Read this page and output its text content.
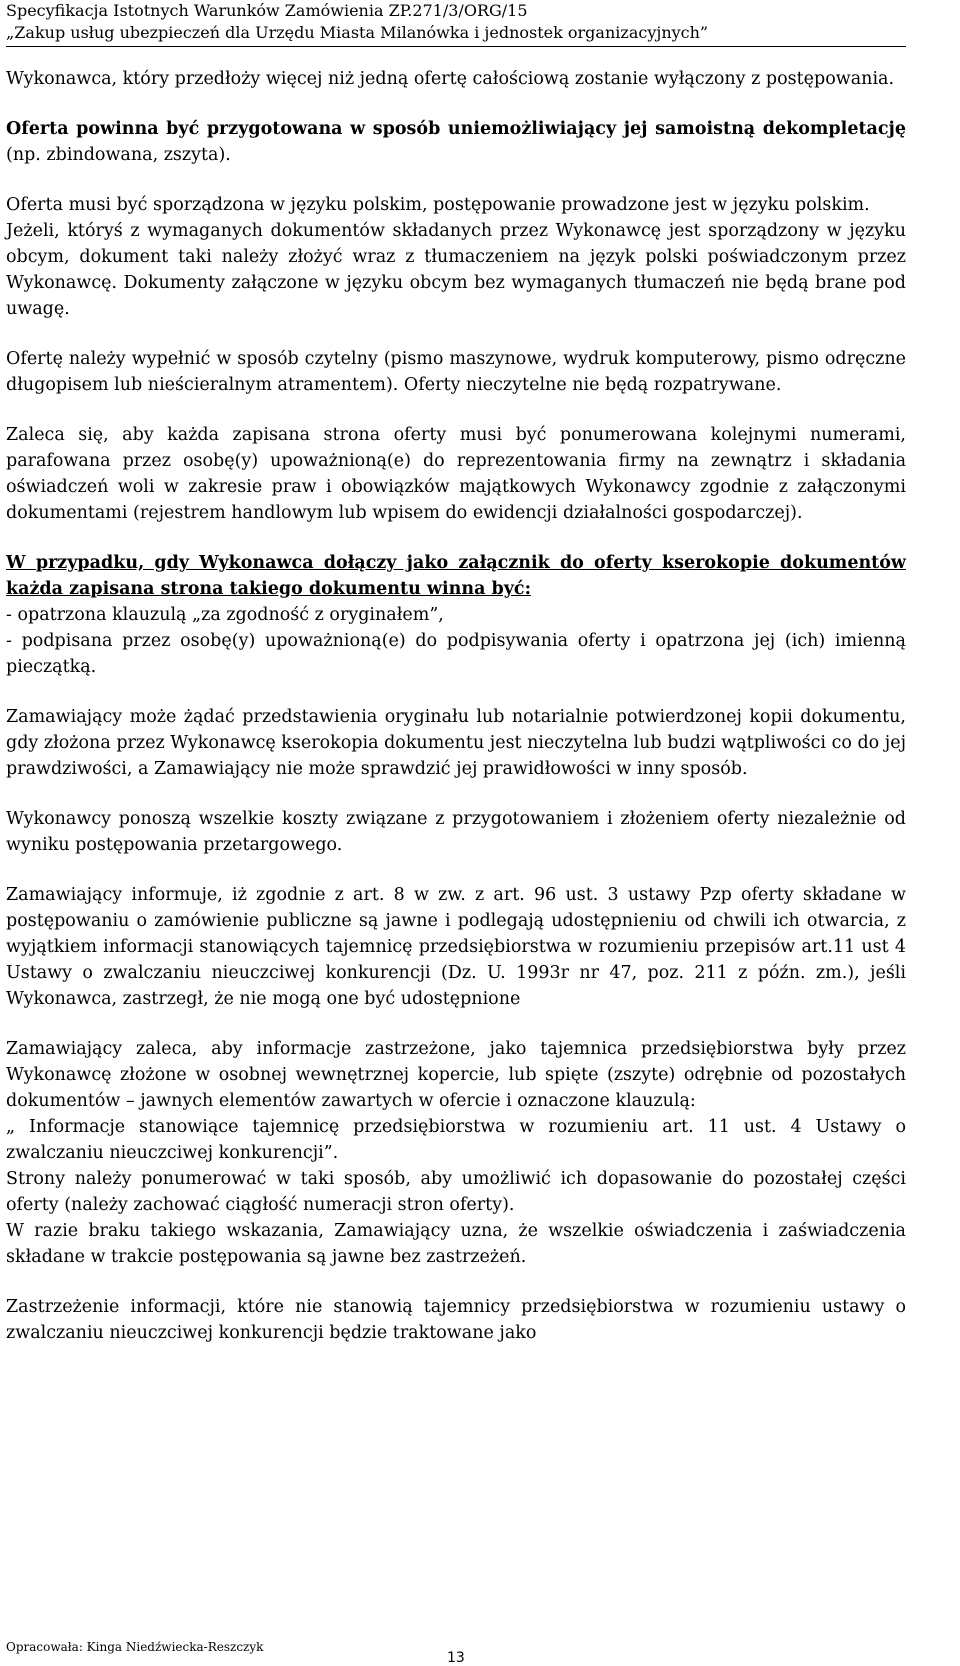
Specyfikacja Istotnych Warunków Zamówienia ZP.271/3/ORG/15
„Zakup usług ubezpieczeń dla Urzędu Miasta Milanówka i jednostek organizacyjnych”

Wykonawca, który przedłoży więcej niż jedną ofertę całościową zostanie wyłączony z postępowania.

Oferta powinna być przygotowana w sposób uniemożliwiający jej samoistną dekompletację (np. zbindowana, zszyta).

Oferta musi być sporządzona w języku polskim, postępowanie prowadzone jest w języku polskim.

Jeżeli, któryś z wymaganych dokumentów składanych przez Wykonawcę jest sporządzony w języku obcym, dokument taki należy złożyć wraz z tłumaczeniem na język polski poświadczonym przez Wykonawcę. Dokumenty załączone w języku obcym bez wymaganych tłumaczeń nie będą brane pod uwagę.

Ofertę należy wypełnić w sposób czytelny (pismo maszynowe, wydruk komputerowy, pismo odręczne długopisem lub nieścieralnym atramentem). Oferty nieczytelne nie będą rozpatrywane.

Zaleca się, aby każda zapisana strona oferty musi być ponumerowana kolejnymi numerami, parafowana przez osobę(y) upoważnioną(e) do reprezentowania firmy na zewnątrz i składania oświadczeń woli w zakresie praw i obowiązków majątkowych Wykonawcy zgodnie z załączonymi dokumentami (rejestrem handlowym lub wpisem do ewidencji działalności gospodarczej).

W przypadku, gdy Wykonawca dołączy jako załącznik do oferty kserokopie dokumentów każda zapisana strona takiego dokumentu winna być:

- opatrzona klauzulą „za zgodność z oryginałem”,

- podpisana przez osobę(y) upoważnioną(e) do podpisywania oferty i opatrzona jej (ich) imienną pieczątką.

Zamawiający może żądać przedstawienia oryginału lub notarialnie potwierdzonej kopii dokumentu, gdy złożona przez Wykonawcę kserokopia dokumentu jest nieczytelna lub budzi wątpliwości co do jej prawdziwości, a Zamawiający nie może sprawdzić jej prawidłowości w inny sposób.

Wykonawcy ponoszą wszelkie koszty związane z przygotowaniem i złożeniem oferty niezależnie od wyniku postępowania przetargowego.

Zamawiający informuje, iż zgodnie z art. 8 w zw. z art. 96 ust. 3 ustawy Pzp oferty składane w postępowaniu o zamówienie publiczne są jawne i podlegają udostępnieniu od chwili ich otwarcia, z wyjątkiem informacji stanowiących tajemnicę przedsiębiorstwa w rozumieniu przepisów art.11 ust 4 Ustawy o zwalczaniu nieuczciwej konkurencji (Dz. U. 1993r nr 47, poz. 211 z późn. zm.), jeśli Wykonawca, zastrzegł, że nie mogą one być udostępnione

Zamawiający zaleca, aby informacje zastrzeżone, jako tajemnica przedsiębiorstwa były przez Wykonawcę złożone w osobnej wewnętrznej kopercie, lub spięte (zszyte) odrębnie od pozostałych dokumentów – jawnych elementów zawartych w ofercie i oznaczone klauzulą:

„ Informacje stanowiące tajemnicę przedsiębiorstwa w rozumieniu art. 11 ust. 4 Ustawy o zwalczaniu nieuczciwej konkurencji”.

Strony należy ponumerować w taki sposób, aby umożliwić ich dopasowanie do pozostałej części oferty (należy zachować ciągłość numeracji stron oferty).

W razie braku takiego wskazania, Zamawiający uzna, że wszelkie oświadczenia i zaświadczenia składane w trakcie postępowania są jawne bez zastrzeżeń.

Zastrzeżenie informacji, które nie stanowią tajemnicy przedsiębiorstwa w rozumieniu ustawy o zwalczaniu nieuczciwej konkurencji będzie traktowane jako

Opracowała: Kinga Niedźwiecka-Reszczyk
13
